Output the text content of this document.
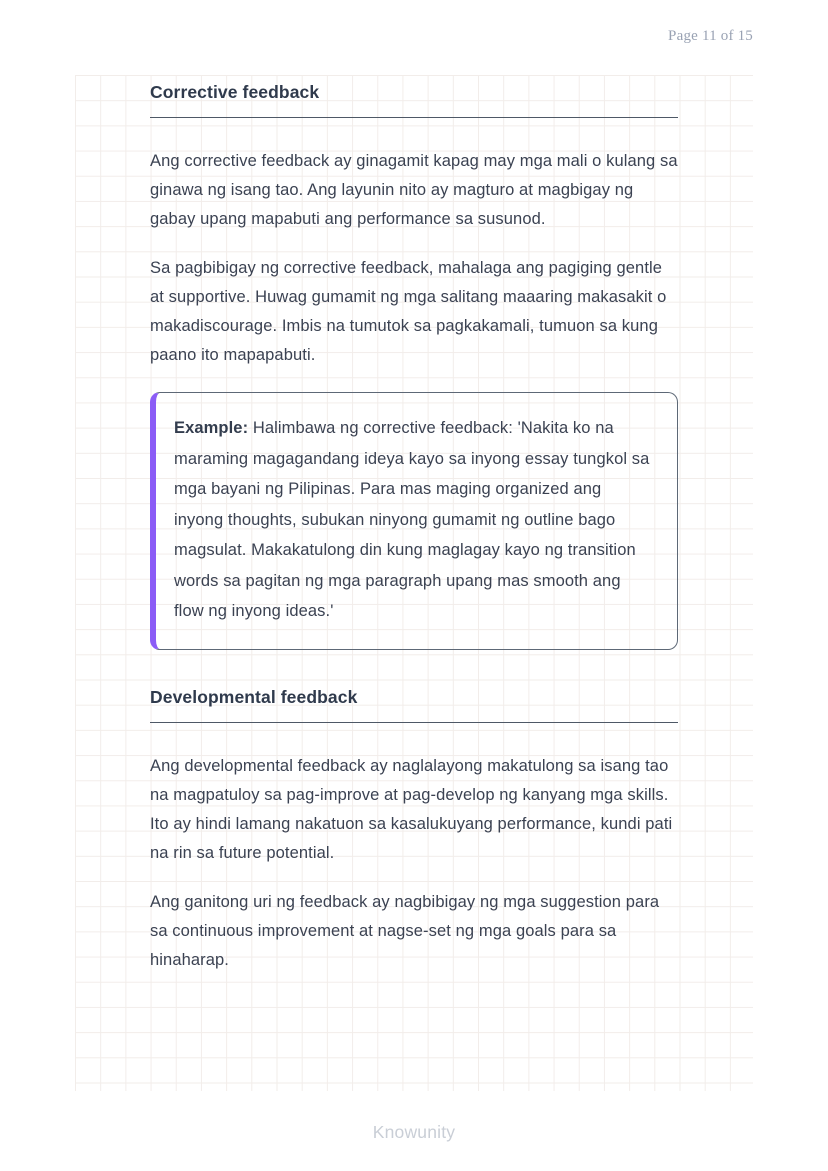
Page 11 of 15
Corrective feedback

Ang corrective feedback ay ginagamit kapag may mga mali o kulang sa ginawa ng isang tao. Ang layunin nito ay magturo at magbigay ng gabay upang mapabuti ang performance sa susunod.

Sa pagbibigay ng corrective feedback, mahalaga ang pagiging gentle at supportive. Huwag gumamit ng mga salitang maaaring makasakit o makadiscourage. Imbis na tumutok sa pagkakamali, tumuon sa kung paano ito mapapabuti.

Example: Halimbawa ng corrective feedback: 'Nakita ko na maraming magagandang ideya kayo sa inyong essay tungkol sa mga bayani ng Pilipinas. Para mas maging organized ang inyong thoughts, subukan ninyong gumamit ng outline bago magsulat. Makakatulong din kung maglagay kayo ng transition words sa pagitan ng mga paragraph upang mas smooth ang flow ng inyong ideas.'

Developmental feedback

Ang developmental feedback ay naglalayong makatulong sa isang tao na magpatuloy sa pag-improve at pag-develop ng kanyang mga skills. Ito ay hindi lamang nakatuon sa kasalukuyang performance, kundi pati na rin sa future potential.

Ang ganitong uri ng feedback ay nagbibigay ng mga suggestion para sa continuous improvement at nagse-set ng mga goals para sa hinaharap.

Knowunity
